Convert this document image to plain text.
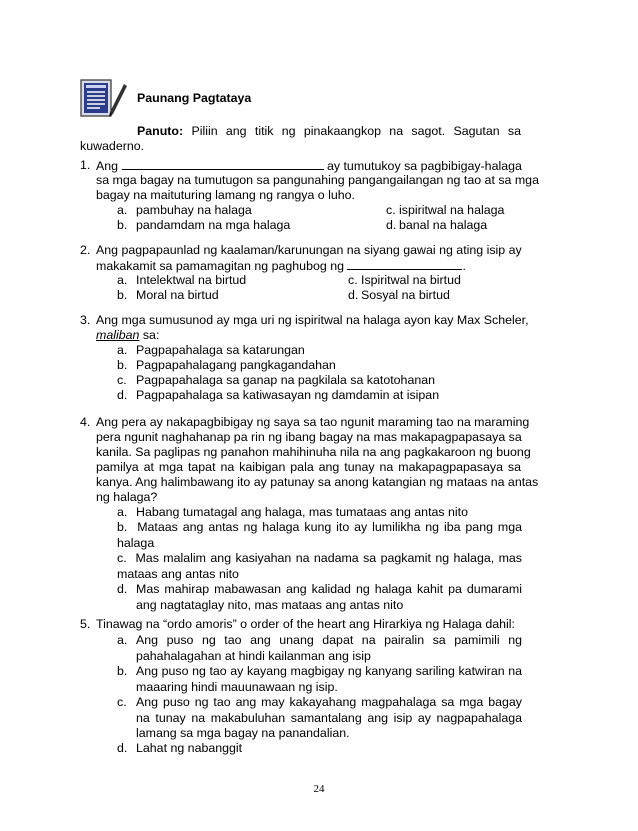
Paunang Pagtataya
Panuto: Piliin ang titik ng pinakaangkop na sagot. Sagutan sa
kuwaderno.
1. Ang	ay tumutukoy sa pagbibigay-halaga
sa mga bagay na tumutugon sa pangunahing pangangailangan ng tao at sa mga
bagay na maituturing lamang ng rangya o luho.
a. pambuhay na halaga
b. pandamdam na mga halaga
c. ispiritwal na halaga
d. banal na halaga
2. Ang pagpapaunlad ng kaalaman/karunungan na siyang gawai ng ating isip ay
makakamit sa pamamagitan ng paghubog ng	.
a. Intelektwal na birtud
b. Moral na birtud
c. Ispiritwal na birtud
d. Sosyal na birtud
3. Ang mga sumusunod ay mga uri ng ispiritwal na halaga ayon kay Max Scheler,
maliban sa:
a. Pagpapahalaga sa katarungan
b. Pagpapahalagang pangkagandahan
c. Pagpapahalaga sa ganap na pagkilala sa katotohanan
d. Pagpapahalaga sa katiwasayan ng damdamin at isipan
4. Ang pera ay nakapagbibigay ng saya sa tao ngunit maraming tao na maraming
pera ngunit naghahanap pa rin ng ibang bagay na mas makapagpapasaya sa
kanila. Sa paglipas ng panahon mahihinuha nila na ang pagkakaroon ng buong
pamilya at mga tapat na kaibigan pala ang tunay na makapagpapasaya sa
kanya. Ang halimbawang ito ay patunay sa anong katangian ng mataas na antas
ng halaga?
a. Habang tumatagal ang halaga, mas tumataas ang antas nito
b. Mataas ang antas ng halaga kung ito ay lumilikha ng iba pang mga halaga
c. Mas malalim ang kasiyahan na nadama sa pagkamit ng halaga, mas mataas ang antas nito
d. Mas mahirap mabawasan ang kalidad ng halaga kahit pa dumarami ang nagtataglay nito, mas mataas ang antas nito
5. Tinawag na “ordo amoris” o order of the heart ang Hirarkiya ng Halaga dahil:
a. Ang puso ng tao ang unang dapat na pairalin sa pamimili ng pahahalagahan at hindi kailanman ang isip
b. Ang puso ng tao ay kayang magbigay ng kanyang sariling katwiran na maaaring hindi mauunawaan ng isip.
c. Ang puso ng tao ang may kakayahang magpahalaga sa mga bagay na tunay na makabuluhan samantalang ang isip ay nagpapahalaga lamang sa mga bagay na panandalian.
d. Lahat ng nabanggit
24
